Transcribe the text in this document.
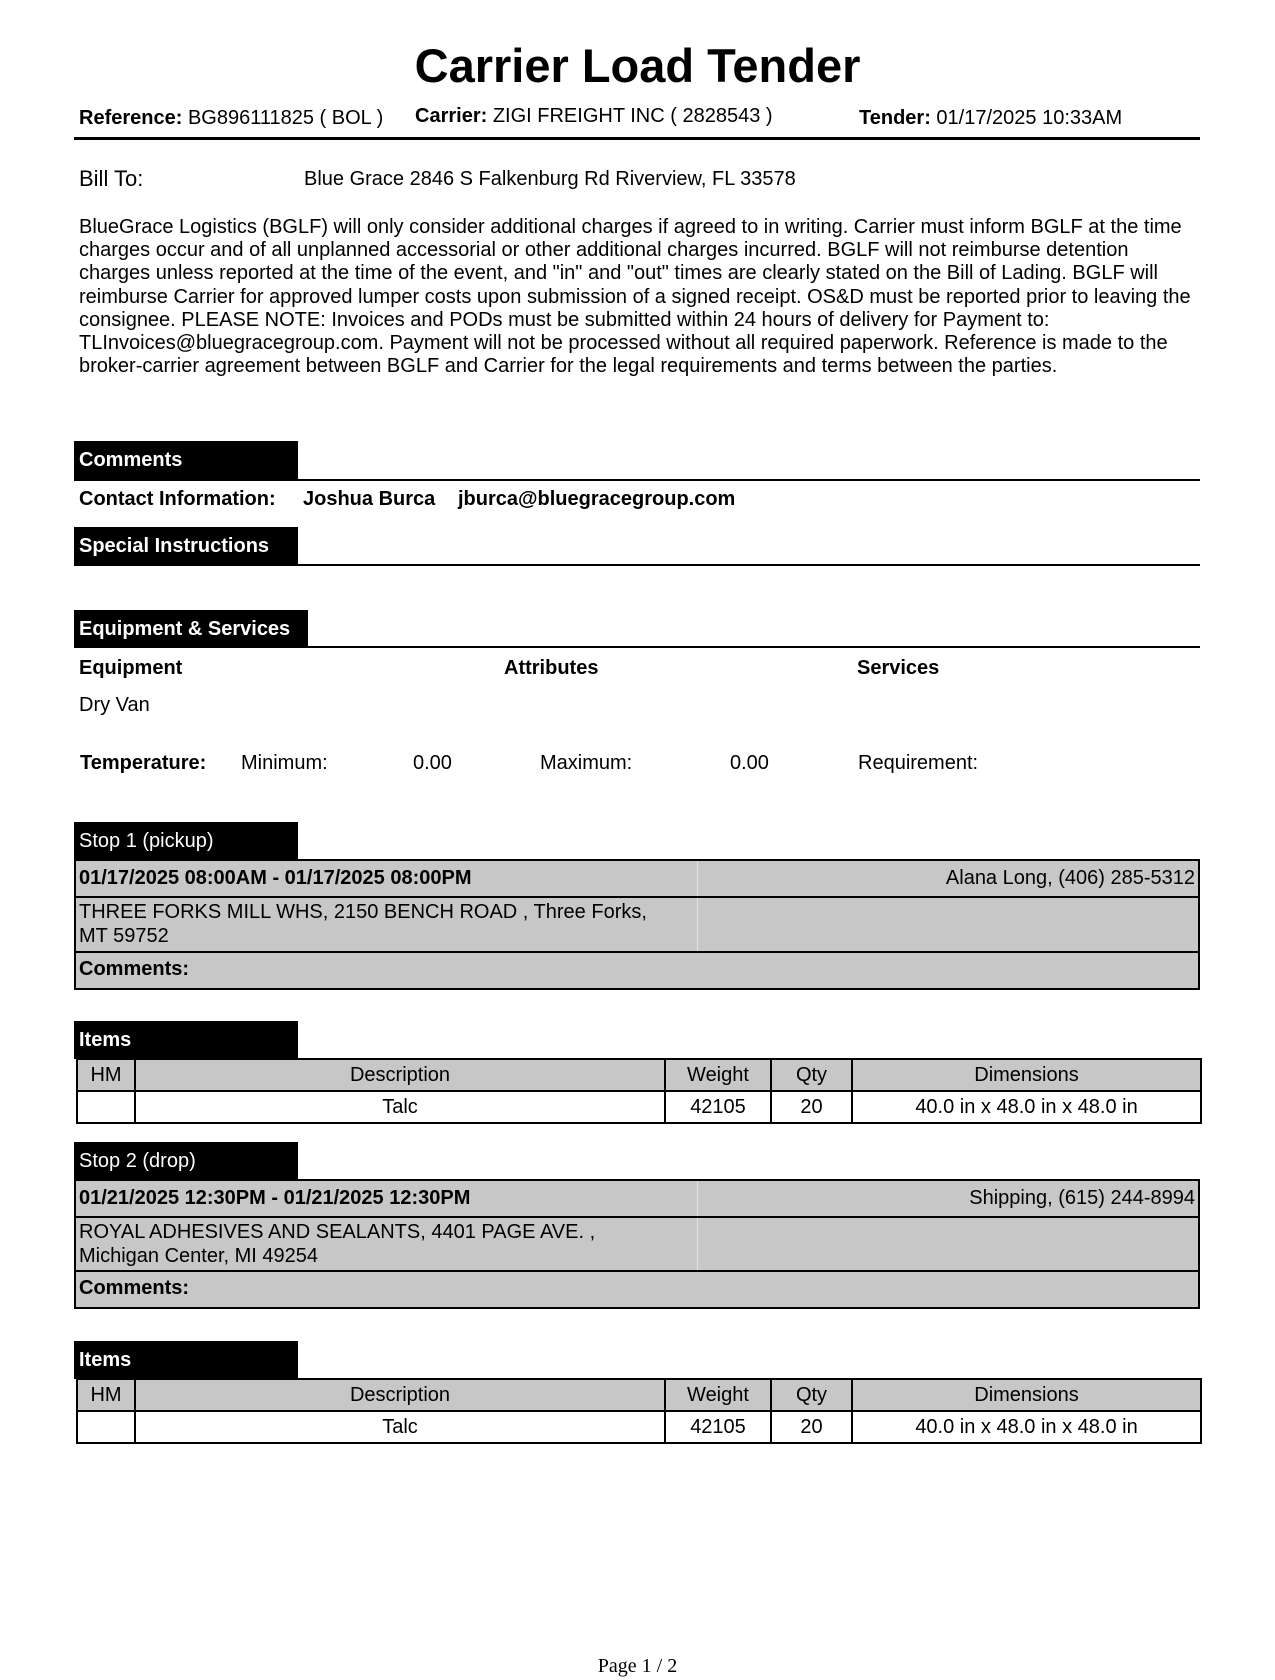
Carrier Load Tender
Reference: BG896111825 ( BOL ) Carrier: ZIGI FREIGHT INC ( 2828543 )	Tender: 01/17/2025 10:33AM
Bill To:	Blue Grace 2846 S Falkenburg Rd Riverview, FL 33578
BlueGrace Logistics (BGLF) will only consider additional charges if agreed to in writing. Carrier must inform BGLF at the time charges occur and of all unplanned accessorial or other additional charges incurred. BGLF will not reimburse detention charges unless reported at the time of the event, and "in" and "out" times are clearly stated on the Bill of Lading. BGLF will reimburse Carrier for approved lumper costs upon submission of a signed receipt. OS&D must be reported prior to leaving the consignee. PLEASE NOTE: Invoices and PODs must be submitted within 24 hours of delivery for Payment to: TLInvoices@bluegracegroup.com. Payment will not be processed without all required paperwork. Reference is made to the broker-carrier agreement between BGLF and Carrier for the legal requirements and terms between the parties.
Comments
Contact Information: Joshua Burca jburca@bluegracegroup.com
Special Instructions
Equipment & Services
Equipment	Attributes	Services
Dry Van
Temperature: Minimum:	0.00	Maximum:	0.00	Requirement:
Stop 1 (pickup)
01/17/2025 08:00AM - 01/17/2025 08:00PM	Alana Long, (406) 285-5312
THREE FORKS MILL WHS, 2150 BENCH ROAD , Three Forks,
MT 59752
Comments:
Items
HM	Description	Weight	Qty	Dimensions
	Talc	42105	20	40.0 in x 48.0 in x 48.0 in
Stop 2 (drop)
01/21/2025 12:30PM - 01/21/2025 12:30PM	Shipping, (615) 244-8994
ROYAL ADHESIVES AND SEALANTS, 4401 PAGE AVE. ,
Michigan Center, MI 49254
Comments:
Items
HM	Description	Weight	Qty	Dimensions
	Talc	42105	20	40.0 in x 48.0 in x 48.0 in
Page 1 / 2
